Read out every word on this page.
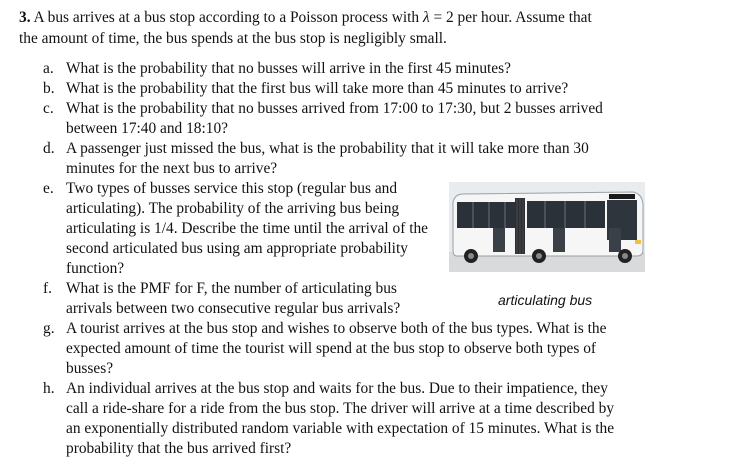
3. A bus arrives at a bus stop according to a Poisson process with λ = 2 per hour. Assume that
the amount of time, the bus spends at the bus stop is negligibly small.
a. What is the probability that no busses will arrive in the first 45 minutes?
b. What is the probability that the first bus will take more than 45 minutes to arrive?
c. What is the probability that no busses arrived from 17:00 to 17:30, but 2 busses arrived
between 17:40 and 18:10?
d. A passenger just missed the bus, what is the probability that it will take more than 30
minutes for the next bus to arrive?
e. Two types of busses service this stop (regular bus and
articulating). The probability of the arriving bus being
articulating is 1/4. Describe the time until the arrival of the
second articulated bus using am appropriate probability
function?
f. What is the PMF for F, the number of articulating bus
arrivals between two consecutive regular bus arrivals?
g. A tourist arrives at the bus stop and wishes to observe both of the bus types. What is the
expected amount of time the tourist will spend at the bus stop to observe both types of
busses?
h. An individual arrives at the bus stop and waits for the bus. Due to their impatience, they
call a ride-share for a ride from the bus stop. The driver will arrive at a time described by
an exponentially distributed random variable with expectation of 15 minutes. What is the
probability that the bus arrived first?
articulating bus
